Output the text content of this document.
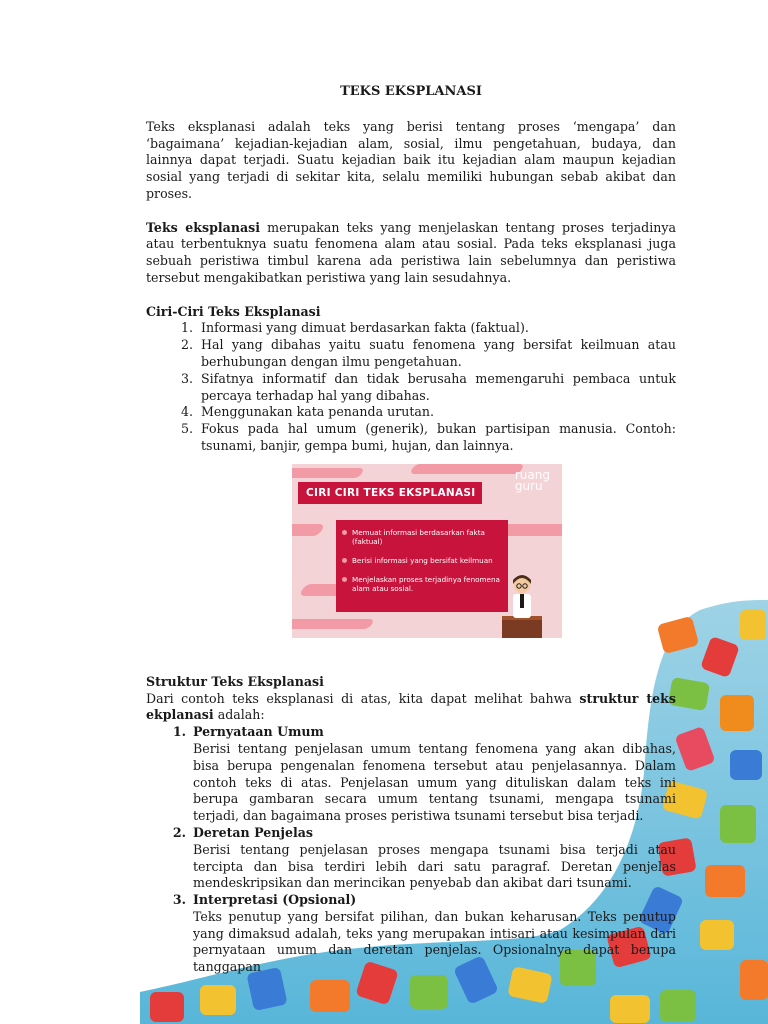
TEKS EKSPLANASI

Teks eksplanasi adalah teks yang berisi tentang proses ‘mengapa’ dan ‘bagaimana’ kejadian-kejadian alam, sosial, ilmu pengetahuan, budaya, dan lainnya dapat terjadi. Suatu kejadian baik itu kejadian alam maupun kejadian sosial yang terjadi di sekitar kita, selalu memiliki hubungan sebab akibat dan proses.

Teks eksplanasi merupakan teks yang menjelaskan tentang proses terjadinya atau terbentuknya suatu fenomena alam atau sosial. Pada teks eksplanasi juga sebuah peristiwa timbul karena ada peristiwa lain sebelumnya dan peristiwa tersebut mengakibatkan peristiwa yang lain sesudahnya.

Ciri-Ciri Teks Eksplanasi
1. Informasi yang dimuat berdasarkan fakta (faktual).
2. Hal yang dibahas yaitu suatu fenomena yang bersifat keilmuan atau berhubungan dengan ilmu pengetahuan.
3. Sifatnya informatif dan tidak berusaha memengaruhi pembaca untuk percaya terhadap hal yang dibahas.
4. Menggunakan kata penanda urutan.
5. Fokus pada hal umum (generik), bukan partisipan manusia. Contoh: tsunami, banjir, gempa bumi, hujan, dan lainnya.
CIRI CIRI TEKS EKSPLANASI
ruang
guru
Memuat informasi berdasarkan fakta (faktual)
Berisi informasi yang bersifat keilmuan
Menjelaskan proses terjadinya fenomena alam atau sosial.
Struktur Teks Eksplanasi

Dari contoh teks eksplanasi di atas, kita dapat melihat bahwa struktur teks ekplanasi adalah:

1. Pernyataan Umum

Berisi tentang penjelasan umum tentang fenomena yang akan dibahas, bisa berupa pengenalan fenomena tersebut atau penjelasannya. Dalam contoh teks di atas. Penjelasan umum yang dituliskan dalam teks ini berupa gambaran secara umum tentang tsunami, mengapa tsunami terjadi, dan bagaimana proses peristiwa tsunami tersebut bisa terjadi.

2. Deretan Penjelas

Berisi tentang penjelasan proses mengapa tsunami bisa terjadi atau tercipta dan bisa terdiri lebih dari satu paragraf. Deretan penjelas mendeskripsikan dan merincikan penyebab dan akibat dari tsunami.

3. Interpretasi (Opsional)

Teks penutup yang bersifat pilihan, dan bukan keharusan. Teks penutup yang dimaksud adalah, teks yang merupakan intisari atau kesimpulan dari pernyataan umum dan deretan penjelas. Opsionalnya dapat berupa tanggapan
